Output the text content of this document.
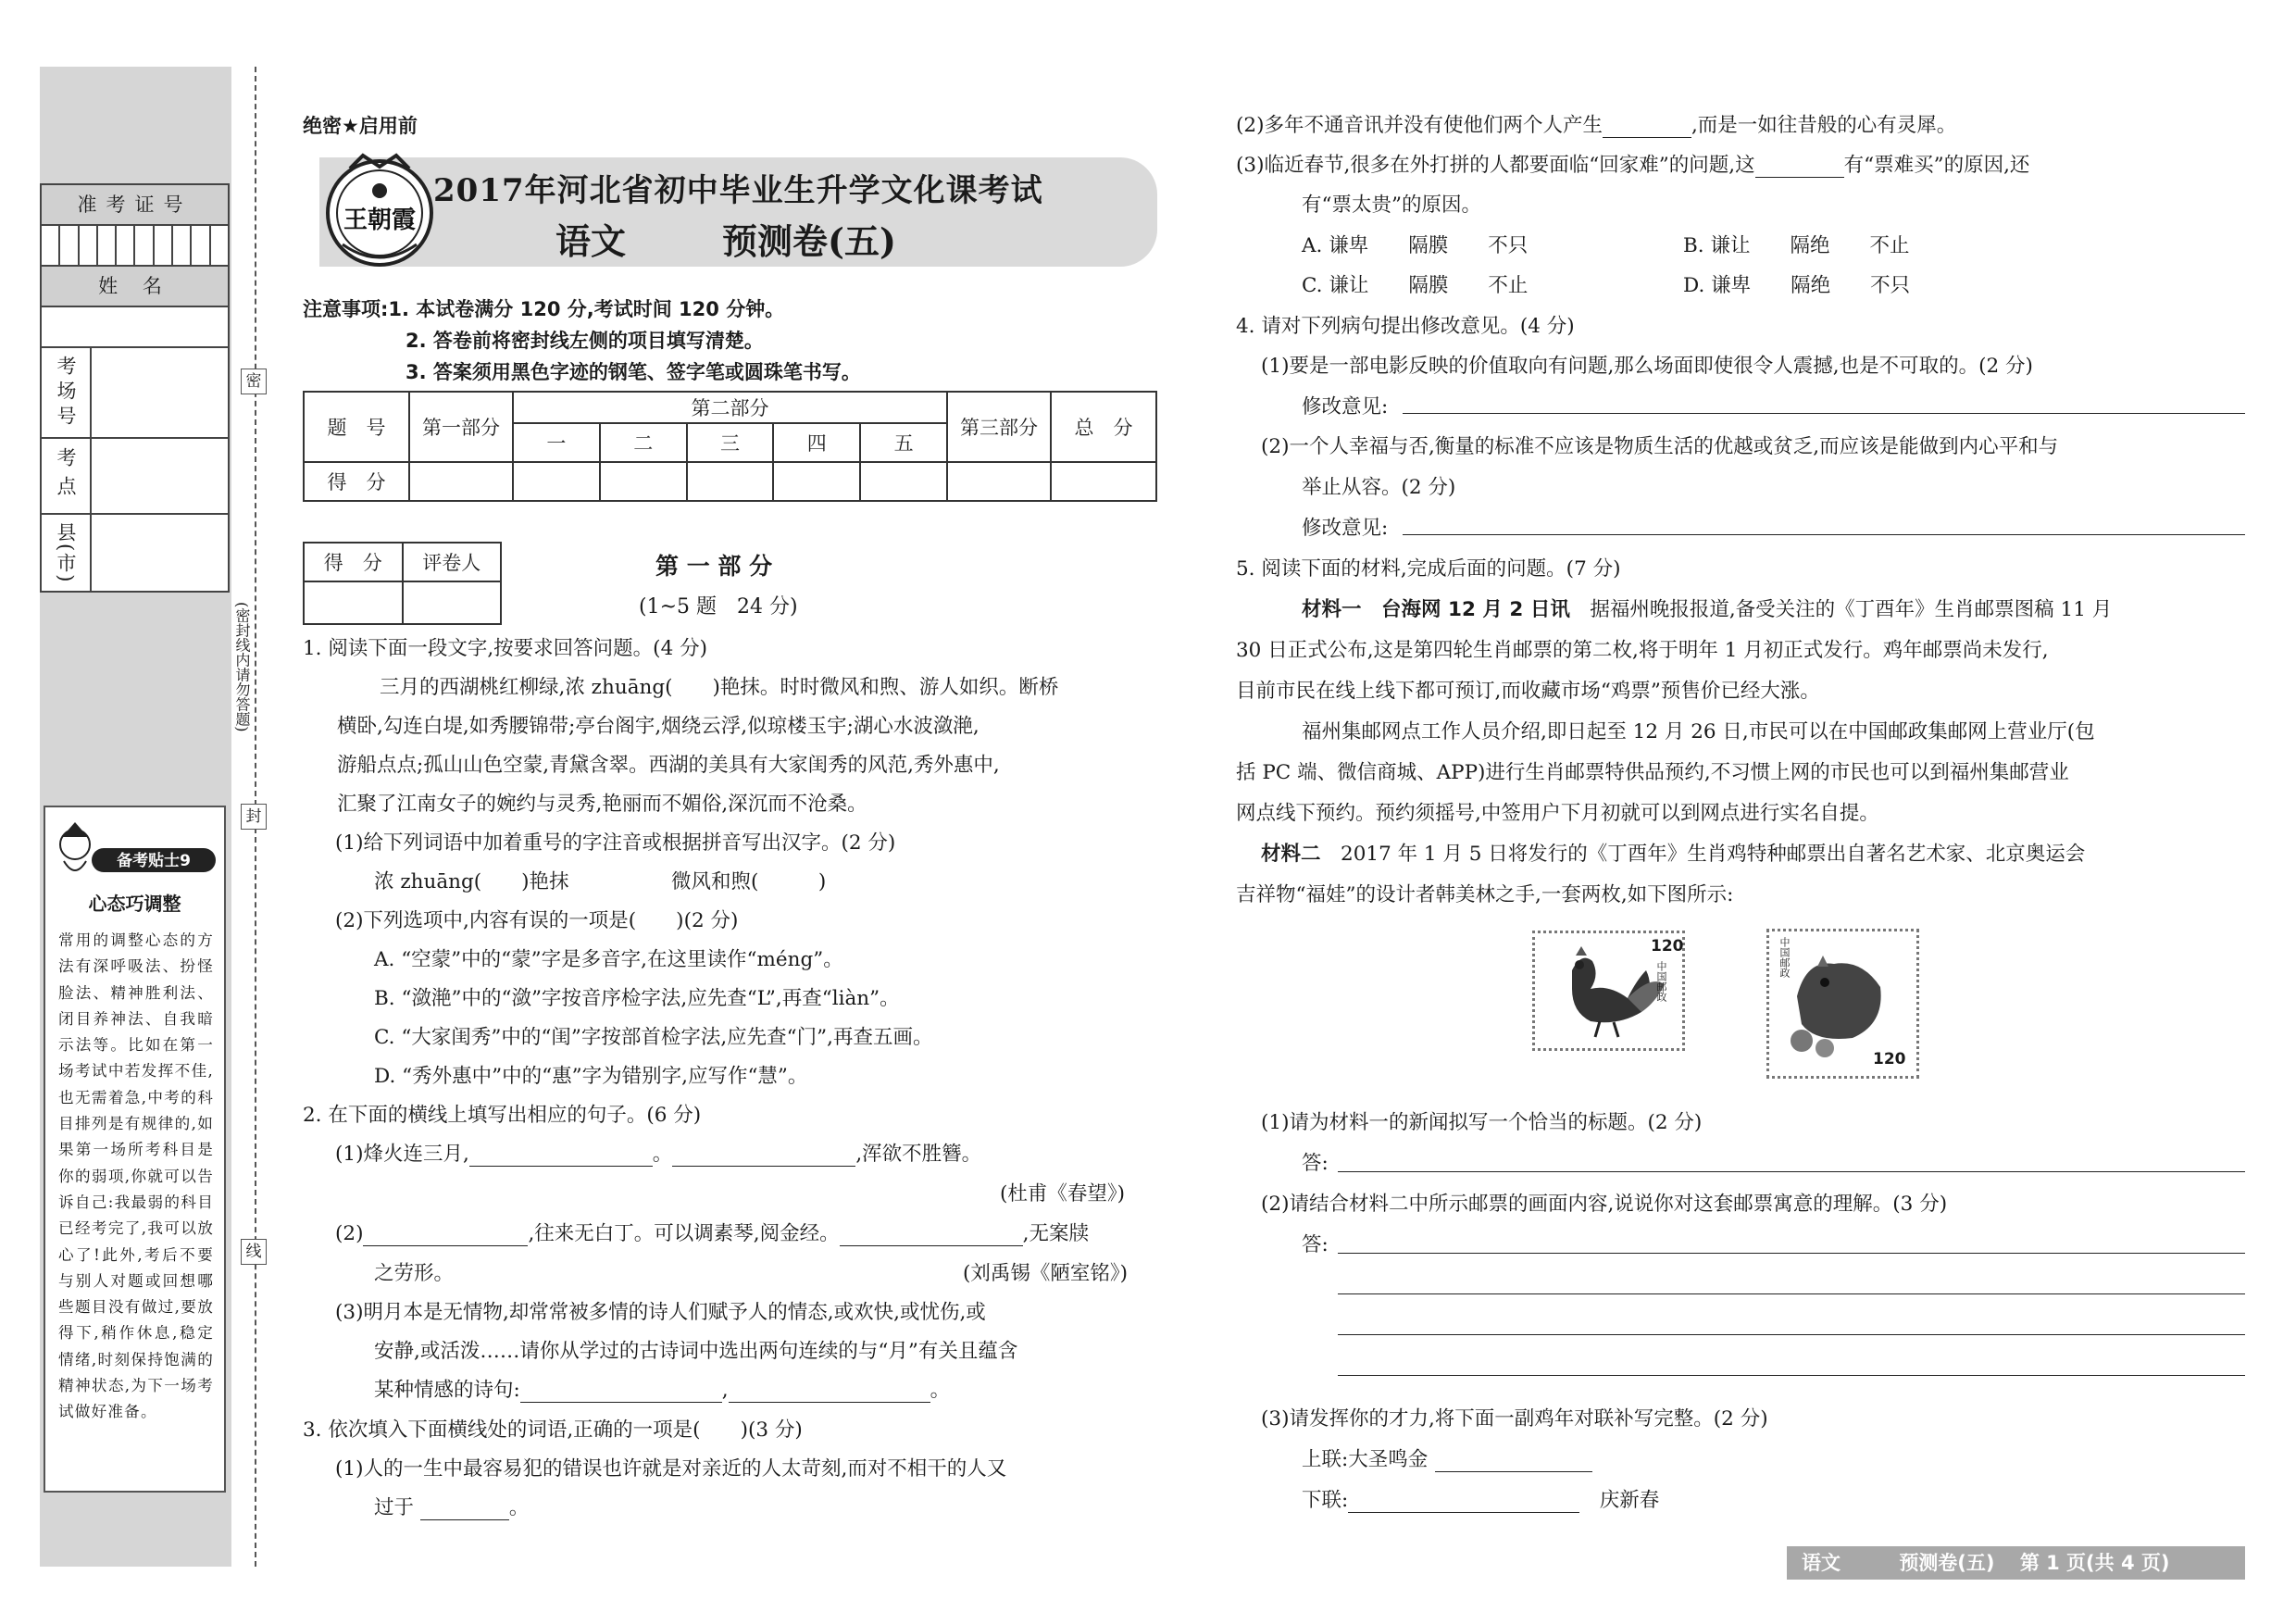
准考证号
姓 名
考场号
考点
县(市)
备考贴士9
心态巧调整
常用的调整心态的方法有深呼吸法、扮怪脸法、精神胜利法、闭目养神法、自我暗示法等。比如在第一场考试中若发挥不佳,也无需着急,中考的科目排列是有规律的,如果第一场所考科目是你的弱项,你就可以告诉自己:我最弱的科目已经考完了,我可以放心了!此外,考后不要与别人对题或回想哪些题目没有做过,要放得下,稍作休息,稳定情绪,时刻保持饱满的精神状态,为下一场考试做好准备。
密
封
线
(密封线内请勿答题)
绝密★启用前
王朝霞
2017年河北省初中毕业生升学文化课考试
语文	预测卷(五)
注意事项:1. 本试卷满分 120 分,考试时间 120 分钟。
2. 答卷前将密封线左侧的项目填写清楚。
3. 答案须用黑色字迹的钢笔、签字笔或圆珠笔书写。
题　号	第一部分	第二部分					第三部分	总　分
		一	二	三	四	五		
得　分								
得　分	评卷人
		第 一 部 分
(1~5 题　24 分)
1. 阅读下面一段文字,按要求回答问题。(4 分)
三月的西湖桃红柳绿,浓 zhuāng(　　)艳抹。时时微风和煦、游人如织。断桥
横卧,勾连白堤,如秀腰锦带;亭台阁宇,烟绕云浮,似琼楼玉宇;湖心水波潋滟,
游船点点;孤山山色空蒙,青黛含翠。西湖的美具有大家闺秀的风范,秀外惠中,
汇聚了江南女子的婉约与灵秀,艳丽而不媚俗,深沉而不沧桑。
(1)给下列词语中加着重号的字注音或根据拼音写出汉字。(2 分)
浓 zhuāng(　　)艳抹	微风和煦(　　　)
(2)下列选项中,内容有误的一项是(　　)(2 分)
A. “空蒙”中的“蒙”字是多音字,在这里读作“méng”。
B. “潋滟”中的“潋”字按音序检字法,应先查“L”,再查“liàn”。
C. “大家闺秀”中的“闺”字按部首检字法,应先查“门”,再查五画。
D. “秀外惠中”中的“惠”字为错别字,应写作“慧”。
2. 在下面的横线上填写出相应的句子。(6 分)
(1)烽火连三月,	。	,浑欲不胜簪。
(杜甫《春望》)
(2)	,往来无白丁。可以调素琴,阅金经。	,无案牍
之劳形。	(刘禹锡《陋室铭》)
(3)明月本是无情物,却常常被多情的诗人们赋予人的情态,或欢快,或忧伤,或
安静,或活泼……请你从学过的古诗词中选出两句连续的与“月”有关且蕴含
某种情感的诗句:	,	。
3. 依次填入下面横线处的词语,正确的一项是(　　)(3 分)
(1)人的一生中最容易犯的错误也许就是对亲近的人太苛刻,而对不相干的人又
过于	。
(2)多年不通音讯并没有使他们两个人产生	,而是一如往昔般的心有灵犀。
(3)临近春节,很多在外打拼的人都要面临“回家难”的问题,这	有“票难买”的原因,还
有“票太贵”的原因。
A. 谦卑　　隔膜　　不只	B. 谦让　　隔绝　　不止
C. 谦让　　隔膜　　不止	D. 谦卑　　隔绝　　不只
4. 请对下列病句提出修改意见。(4 分)
(1)要是一部电影反映的价值取向有问题,那么场面即使很令人震撼,也是不可取的。(2 分)
修改意见:
(2)一个人幸福与否,衡量的标准不应该是物质生活的优越或贫乏,而应该是能做到内心平和与
举止从容。(2 分)
修改意见:
5. 阅读下面的材料,完成后面的问题。(7 分)
材料一　台海网 12 月 2 日讯　 据福州晚报报道,备受关注的《丁酉年》生肖邮票图稿 11 月
30 日正式公布,这是第四轮生肖邮票的第二枚,将于明年 1 月初正式发行。鸡年邮票尚未发行,
目前市民在线上线下都可预订,而收藏市场“鸡票”预售价已经大涨。
福州集邮网点工作人员介绍,即日起至 12 月 26 日,市民可以在中国邮政集邮网上营业厅(包
括 PC 端、微信商城、APP)进行生肖邮票特供品预约,不习惯上网的市民也可以到福州集邮营业
网点线下预约。预约须摇号,中签用户下月初就可以到网点进行实名自提。
材料二　 2017 年 1 月 5 日将发行的《丁酉年》生肖鸡特种邮票出自著名艺术家、北京奥运会
吉祥物“福娃”的设计者韩美林之手,一套两枚,如下图所示:
120
中国邮政
中国邮政
120
(1)请为材料一的新闻拟写一个恰当的标题。(2 分)
答:
(2)请结合材料二中所示邮票的画面内容,说说你对这套邮票寓意的理解。(3 分)
答:
(3)请发挥你的才力,将下面一副鸡年对联补写完整。(2 分)
上联:大圣鸣金
下联:　	庆新春
语文	预测卷(五) 第 1 页(共 4 页)
